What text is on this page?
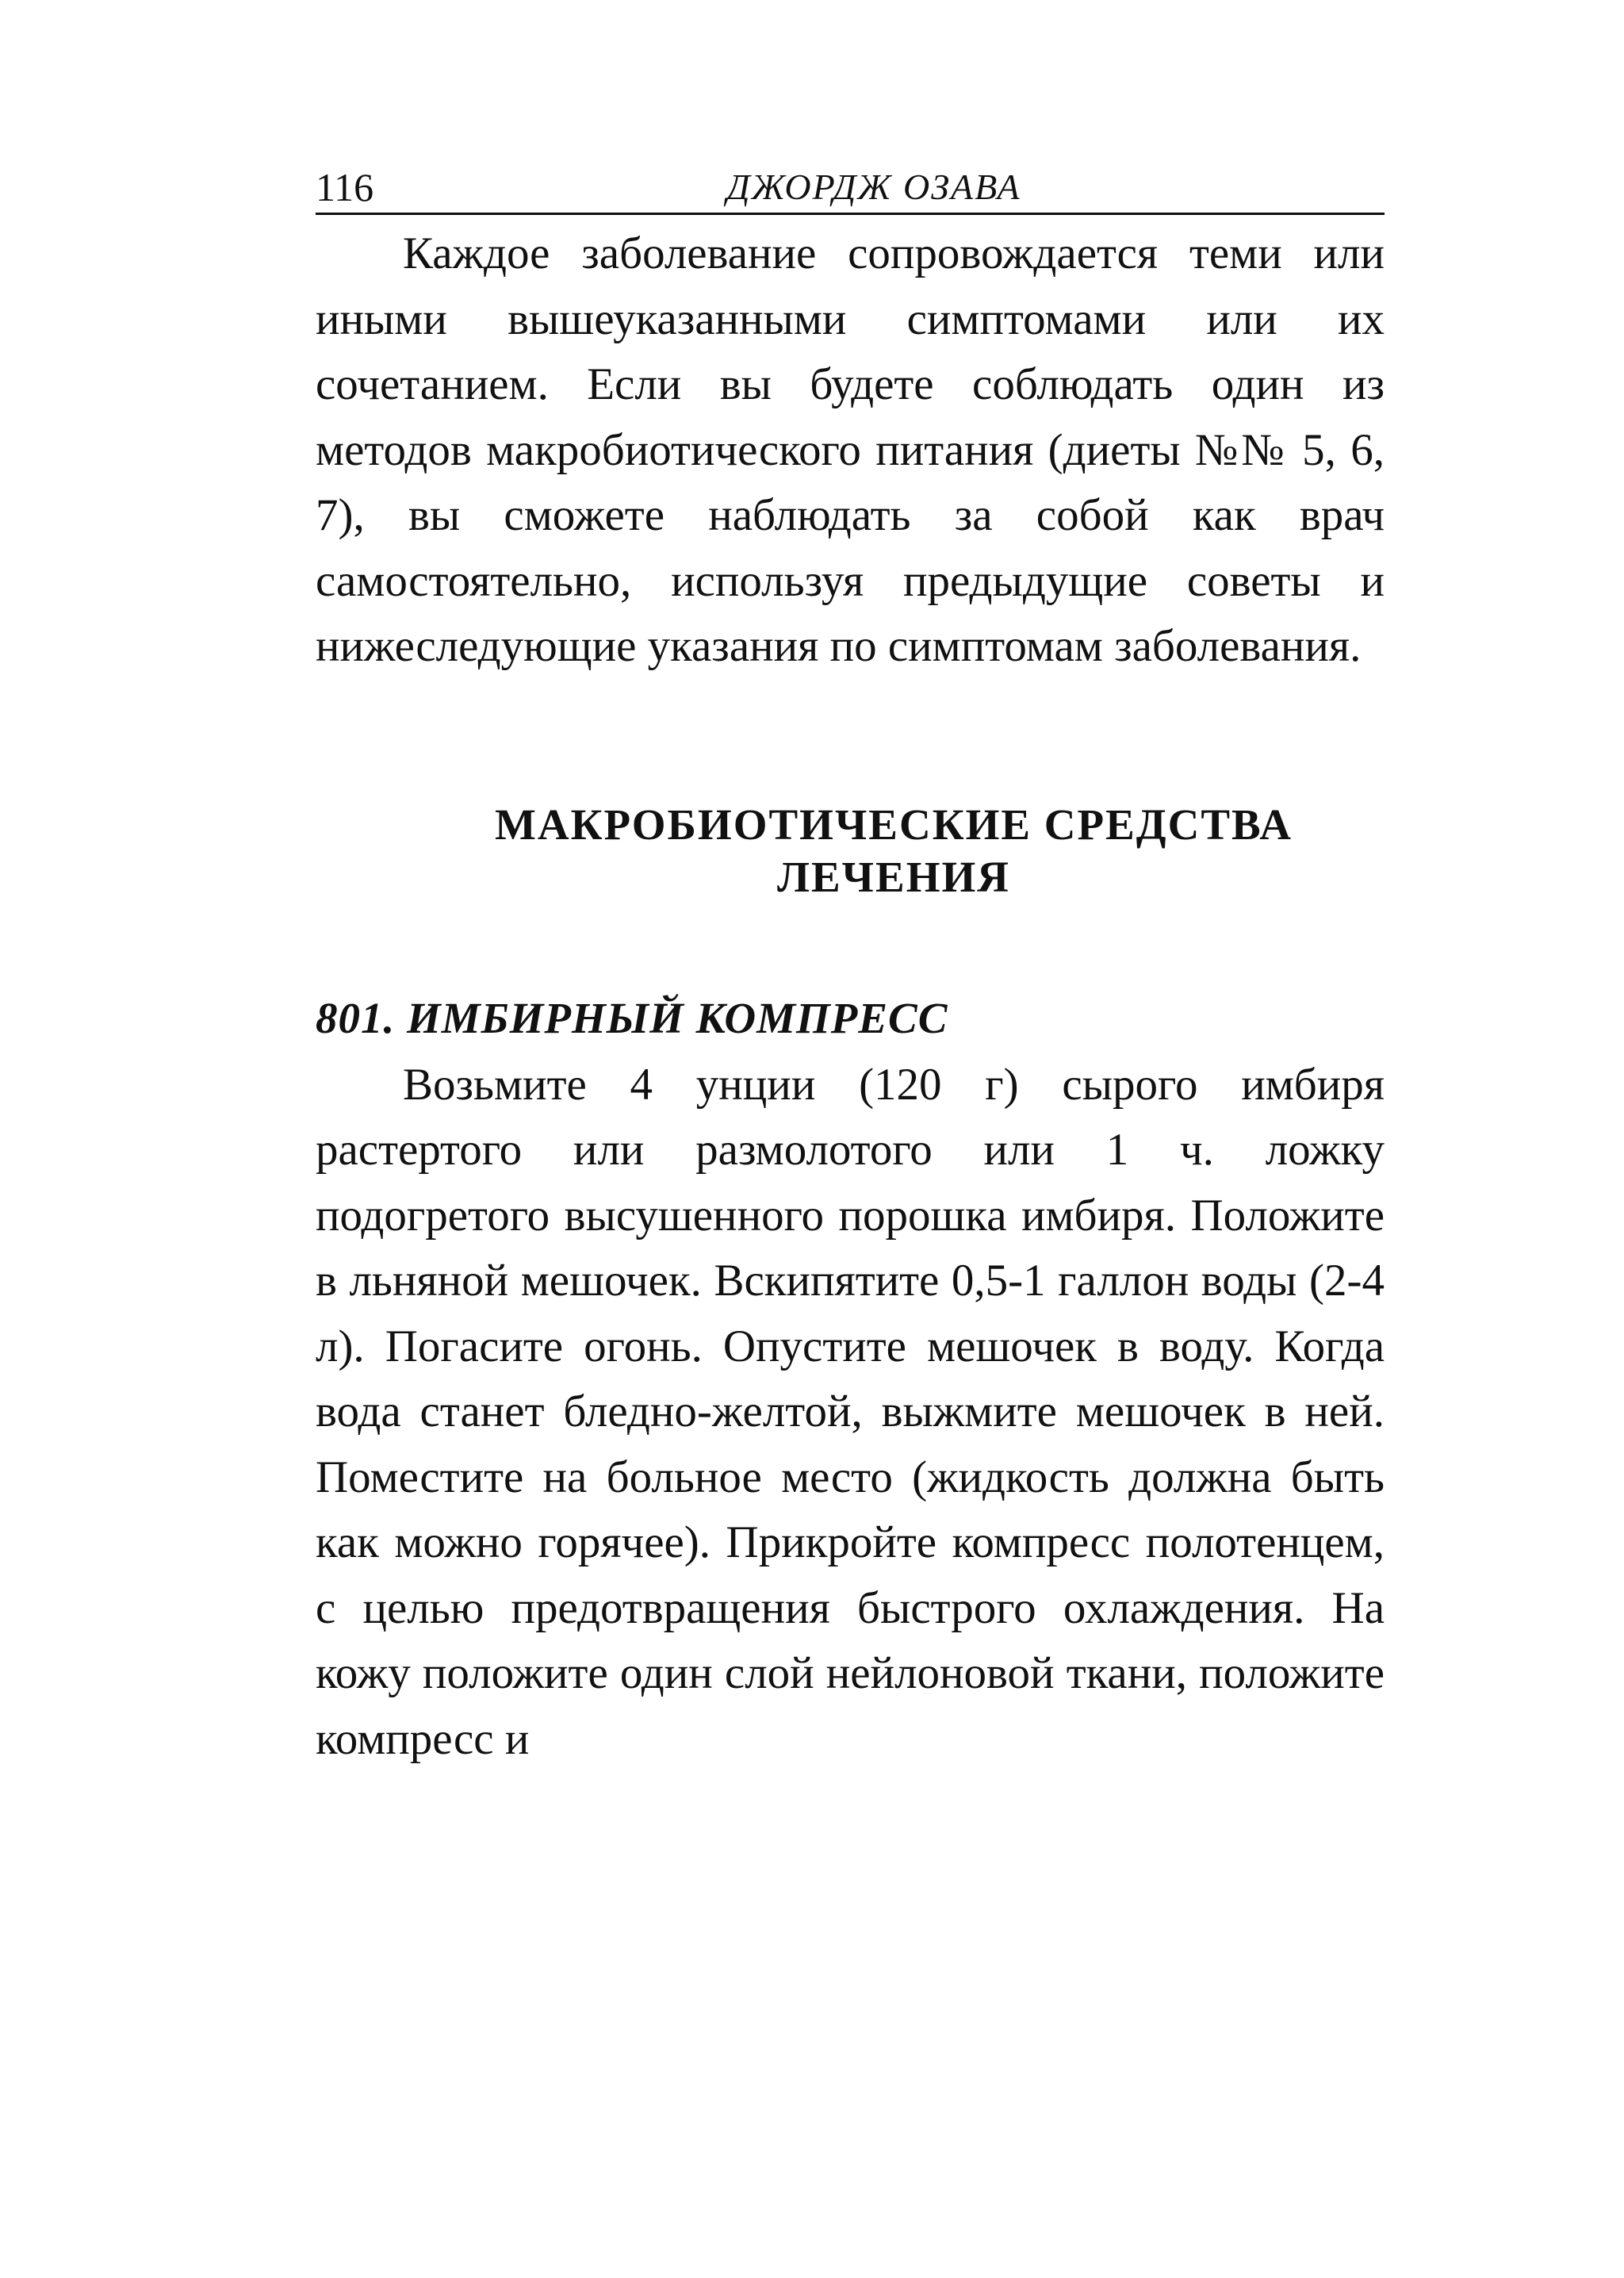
116	ДЖОРДЖ ОЗАВА

Каждое заболевание сопровождается теми или иными вышеуказанными симптомами или их сочетанием. Если вы будете соблюдать один из методов макробиотического питания (диеты №№ 5, 6, 7), вы сможете наблюдать за собой как врач самостоятельно, используя предыдущие советы и нижеследующие указания по симптомам заболевания.

МАКРОБИОТИЧЕСКИЕ СРЕДСТВА
ЛЕЧЕНИЯ
801. ИМБИРНЫЙ КОМПРЕСС

Возьмите 4 унции (120 г) сырого имбиря растертого или размолотого или 1 ч. ложку подогретого высушенного порошка имбиря. Положите в льняной мешочек. Вскипятите 0,5-1 галлон воды (2-4 л). Погасите огонь. Опустите мешочек в воду. Когда вода станет бледно-желтой, выжмите мешочек в ней. Поместите на больное место (жидкость должна быть как можно горячее). Прикройте компресс полотенцем, с целью предотвращения быстрого охлаждения. На кожу положите один слой нейлоновой ткани, положите компресс и
